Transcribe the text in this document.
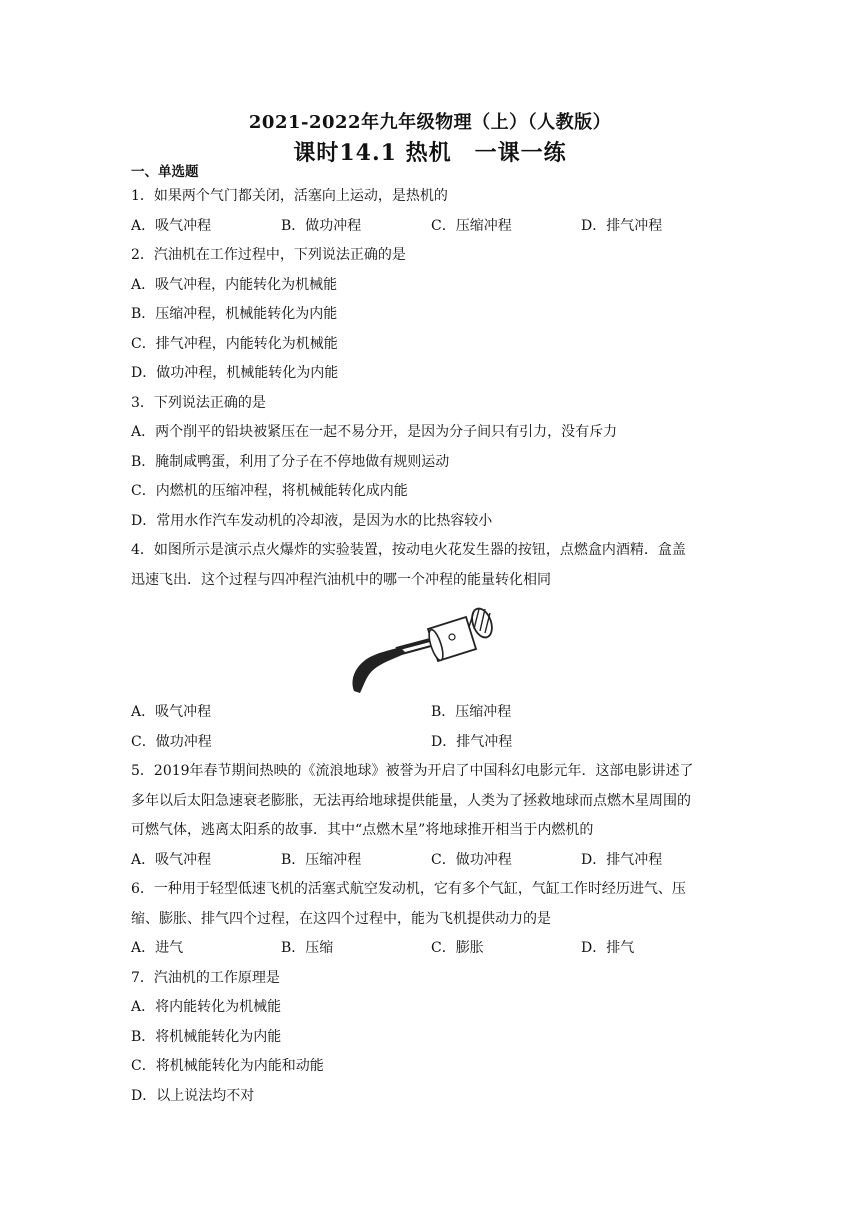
2021-2022年九年级物理（上）（人教版）
课时14.1 热机　一课一练
一、单选题
1．如果两个气门都关闭，活塞向上运动，是热机的
A．吸气冲程	B．做功冲程	C．压缩冲程	D．排气冲程
2．汽油机在工作过程中，下列说法正确的是
A．吸气冲程，内能转化为机械能
B．压缩冲程，机械能转化为内能
C．排气冲程，内能转化为机械能
D．做功冲程，机械能转化为内能
3．下列说法正确的是
A．两个削平的铅块被紧压在一起不易分开，是因为分子间只有引力，没有斥力
B．腌制咸鸭蛋，利用了分子在不停地做有规则运动
C．内燃机的压缩冲程，将机械能转化成内能
D．常用水作汽车发动机的冷却液，是因为水的比热容较小
4．如图所示是演示点火爆炸的实验装置，按动电火花发生器的按钮，点燃盒内酒精．盒盖
迅速飞出．这个过程与四冲程汽油机中的哪一个冲程的能量转化相同
A．吸气冲程	B．压缩冲程
C．做功冲程	D．排气冲程
5．2019年春节期间热映的《流浪地球》被誉为开启了中国科幻电影元年．这部电影讲述了
多年以后太阳急速衰老膨胀，无法再给地球提供能量，人类为了拯救地球而点燃木星周围的
可燃气体，逃离太阳系的故事．其中“点燃木星”将地球推开相当于内燃机的
A．吸气冲程	B．压缩冲程	C．做功冲程	D．排气冲程
6．一种用于轻型低速飞机的活塞式航空发动机，它有多个气缸，气缸工作时经历进气、压
缩、膨胀、排气四个过程，在这四个过程中，能为飞机提供动力的是
A．进气	B．压缩	C．膨胀	D．排气
7．汽油机的工作原理是
A．将内能转化为机械能
B．将机械能转化为内能
C．将机械能转化为内能和动能
D．以上说法均不对
